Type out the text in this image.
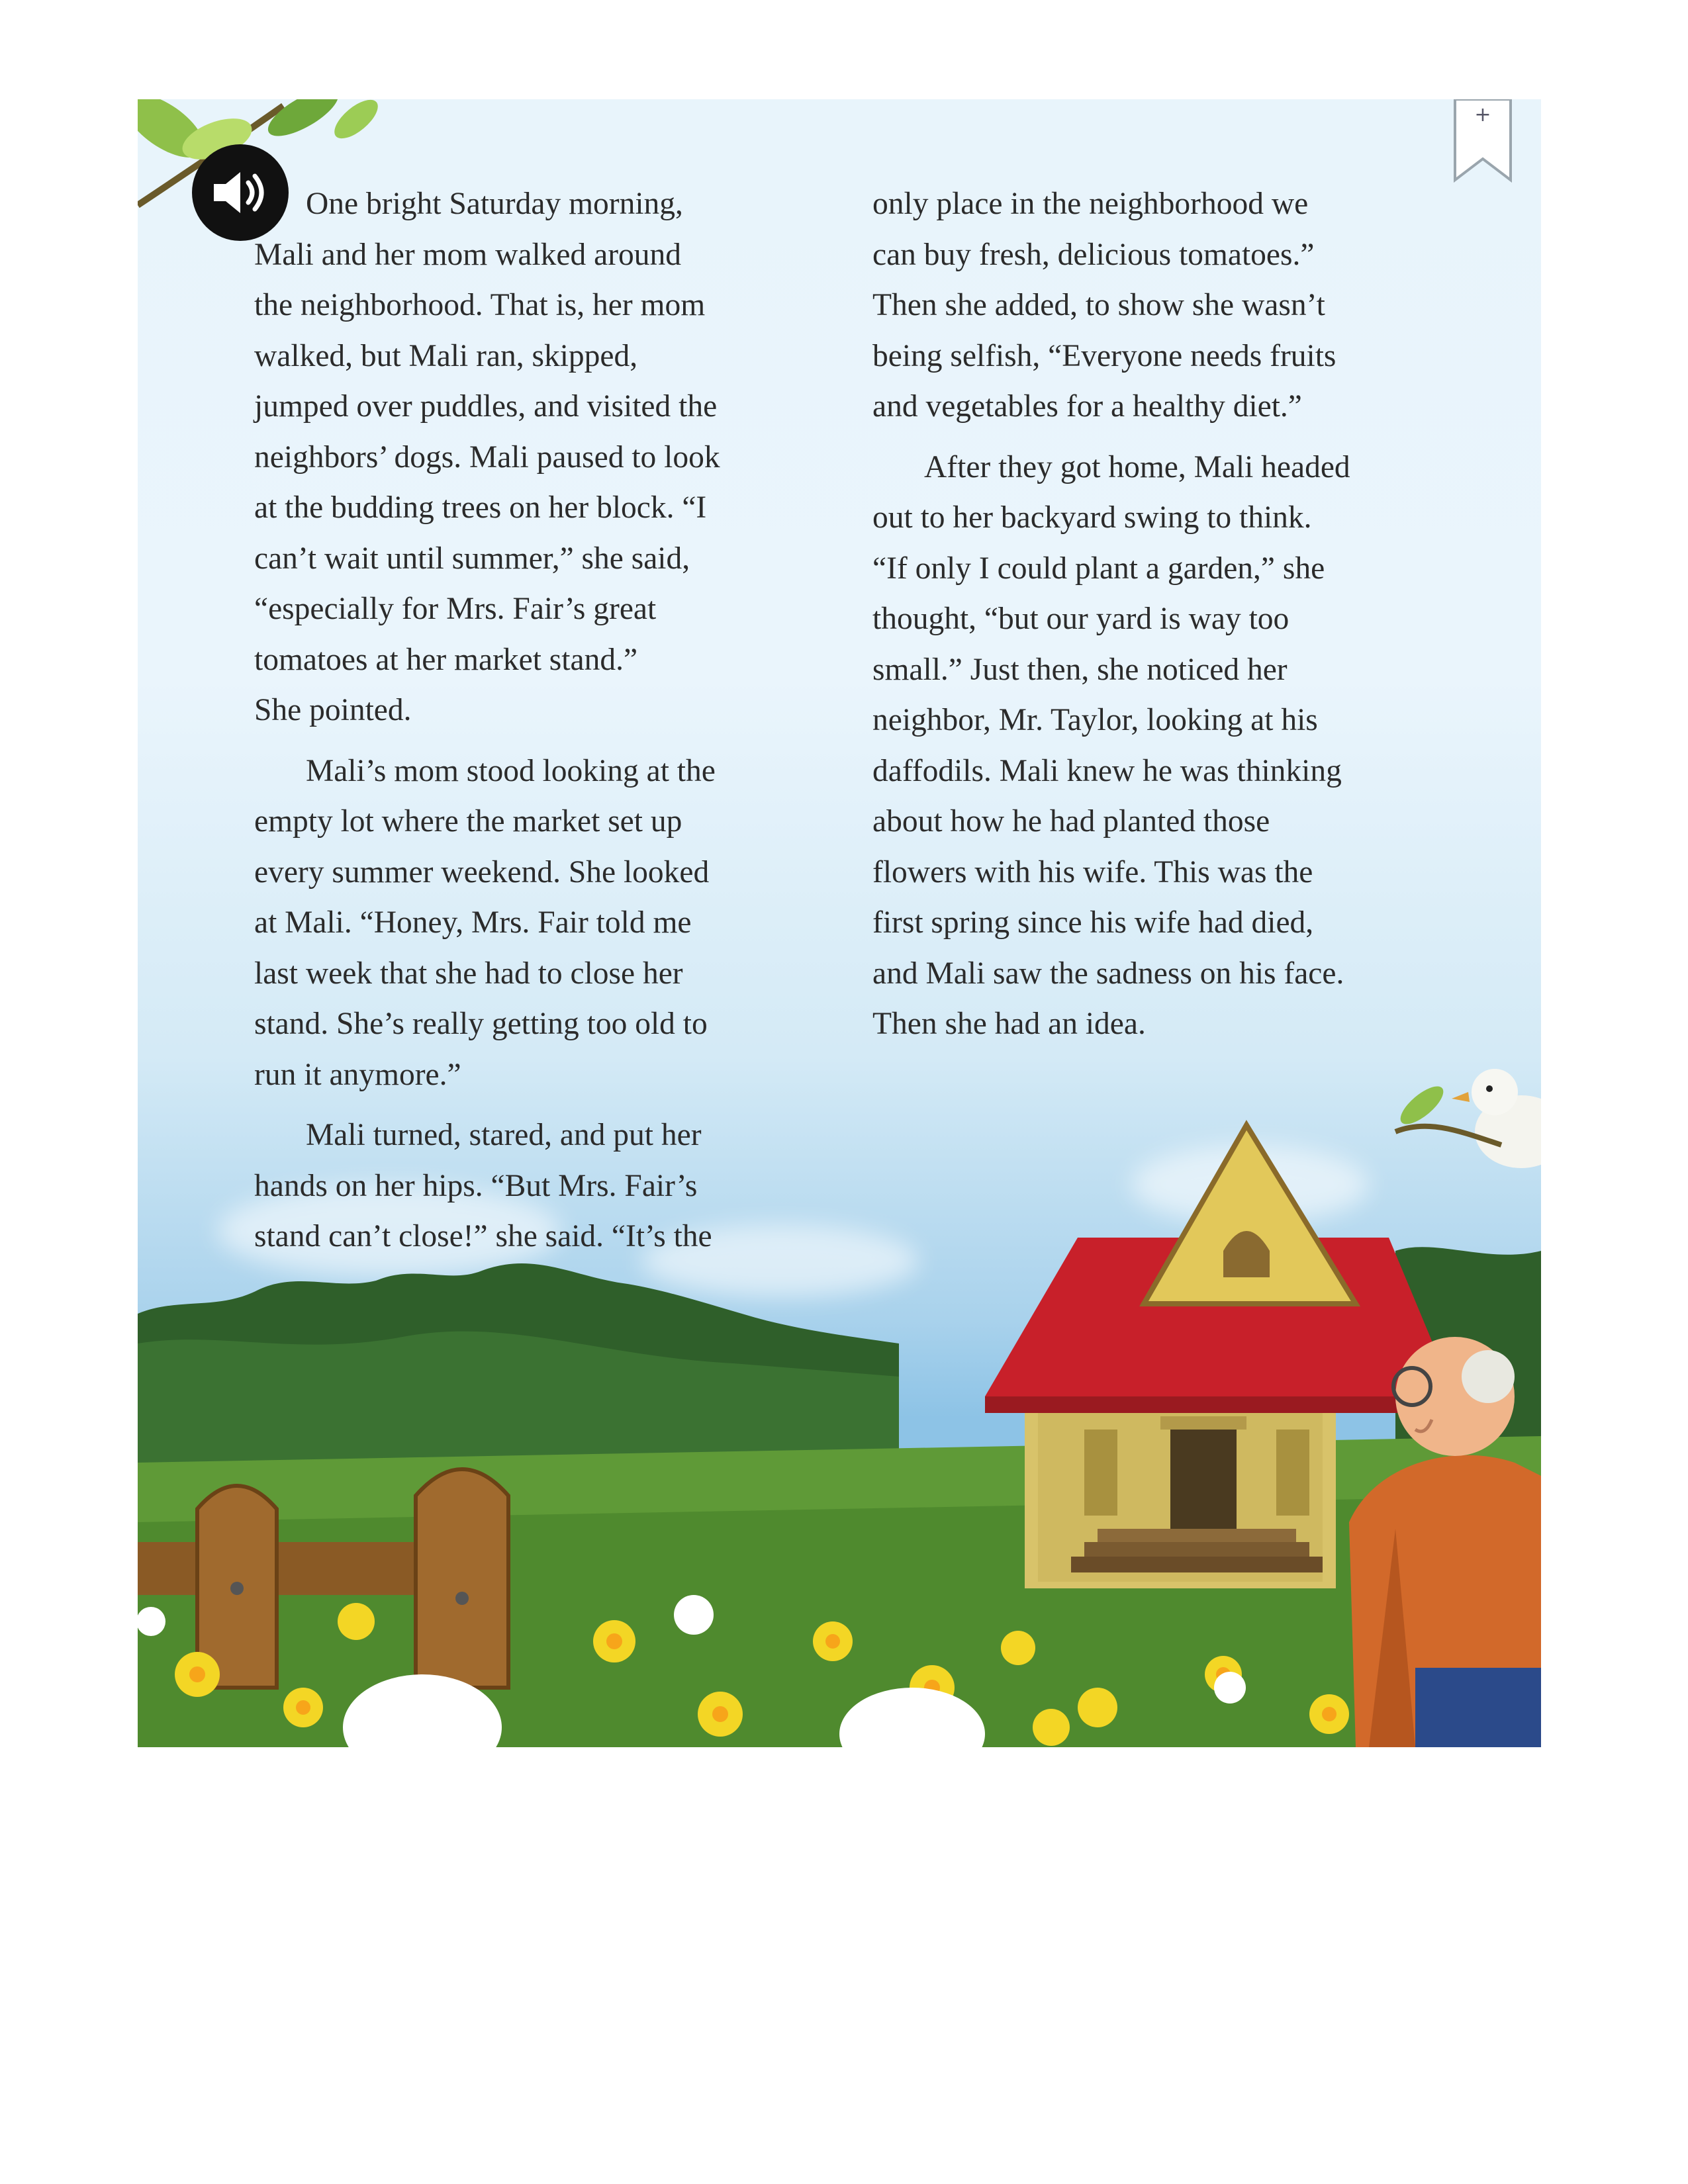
+

One bright Saturday morning,
Mali and her mom walked around
the neighborhood. That is, her mom
walked, but Mali ran, skipped,
jumped over puddles, and visited the
neighbors’ dogs. Mali paused to look
at the budding trees on her block. “I
can’t wait until summer,” she said,
“especially for Mrs. Fair’s great
tomatoes at her market stand.”
She pointed.

Mali’s mom stood looking at the
empty lot where the market set up
every summer weekend. She looked
at Mali. “Honey, Mrs. Fair told me
last week that she had to close her
stand. She’s really getting too old to
run it anymore.”

Mali turned, stared, and put her
hands on her hips. “But Mrs. Fair’s
stand can’t close!” she said. “It’s the

only place in the neighborhood we
can buy fresh, delicious tomatoes.”
Then she added, to show she wasn’t
being selfish, “Everyone needs fruits
and vegetables for a healthy diet.”

After they got home, Mali headed
out to her backyard swing to think.
“If only I could plant a garden,” she
thought, “but our yard is way too
small.” Just then, she noticed her
neighbor, Mr. Taylor, looking at his
daffodils. Mali knew he was thinking
about how he had planted those
flowers with his wife. This was the
first spring since his wife had died,
and Mali saw the sadness on his face.
Then she had an idea.
